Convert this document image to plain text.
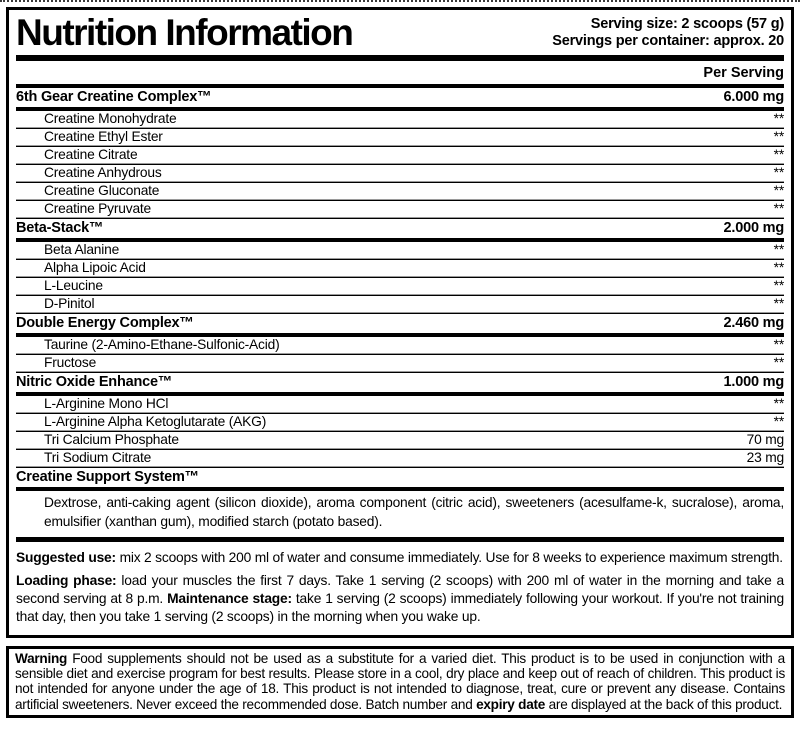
Nutrition Information	Serving size: 2 scoops (57 g)
Servings per container: approx. 20
Per Serving
6th Gear Creatine Complex™	6.000 mg
Creatine Monohydrate	**
Creatine Ethyl Ester	**
Creatine Citrate	**
Creatine Anhydrous	**
Creatine Gluconate	**
Creatine Pyruvate	**
Beta-Stack™	2.000 mg
Beta Alanine	**
Alpha Lipoic Acid	**
L-Leucine	**
D-Pinitol	**
Double Energy Complex™	2.460 mg
Taurine (2-Amino-Ethane-Sulfonic-Acid)	**
Fructose	**
Nitric Oxide Enhance™	1.000 mg
L-Arginine Mono HCl	**
L-Arginine Alpha Ketoglutarate (AKG)	**
Tri Calcium Phosphate	70 mg
Tri Sodium Citrate	23 mg
Creatine Support System™
Dextrose, anti-caking agent (silicon dioxide), aroma component (citric acid), sweeteners (acesulfame-k, sucralose), aroma, emulsifier (xanthan gum), modified starch (potato based).

Suggested use: mix 2 scoops with 200 ml of water and consume immediately. Use for 8 weeks to experience maximum strength.

Loading phase: load your muscles the first 7 days. Take 1 serving (2 scoops) with 200 ml of water in the morning and take a second serving at 8 p.m. Maintenance stage: take 1 serving (2 scoops) immediately following your workout. If you're not training that day, then you take 1 serving (2 scoops) in the morning when you wake up.

Warning Food supplements should not be used as a substitute for a varied diet. This product is to be used in conjunction with a sensible diet and exercise program for best results. Please store in a cool, dry place and keep out of reach of children. This product is not intended for anyone under the age of 18. This product is not intended to diagnose, treat, cure or prevent any disease. Contains artificial sweeteners. Never exceed the recommended dose. Batch number and expiry date are displayed at the back of this product.
